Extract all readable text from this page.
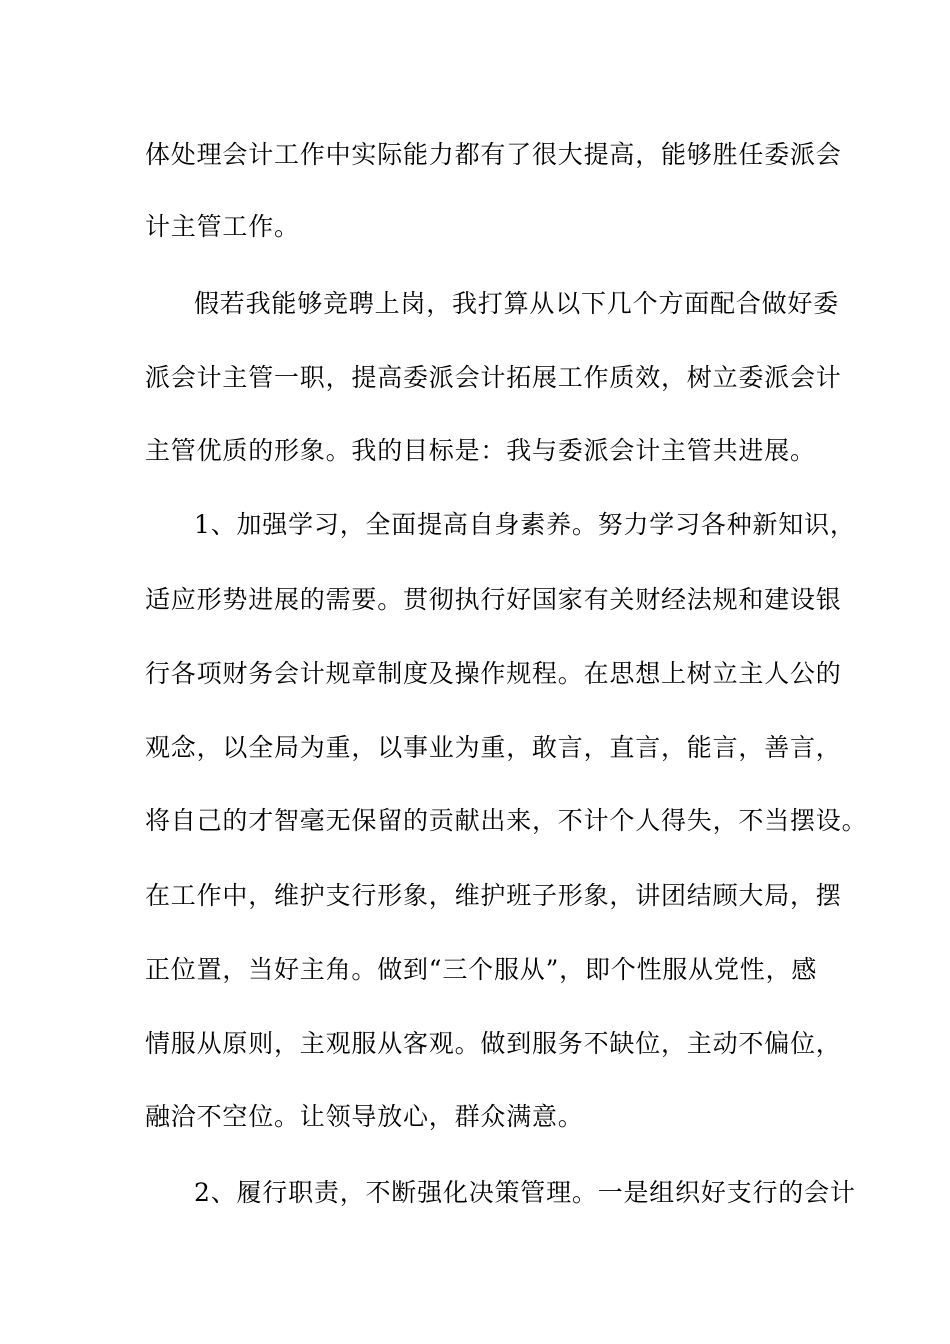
体处理会计工作中实际能力都有了很大提高，能够胜任委派会
计主管工作。
假若我能够竞聘上岗，我打算从以下几个方面配合做好委
派会计主管一职，提高委派会计拓展工作质效，树立委派会计
主管优质的形象。我的目标是：我与委派会计主管共进展。
1、加强学习，全面提高自身素养。努力学习各种新知识，
适应形势进展的需要。贯彻执行好国家有关财经法规和建设银
行各项财务会计规章制度及操作规程。在思想上树立主人公的
观念，以全局为重，以事业为重，敢言，直言，能言，善言，
将自己的才智毫无保留的贡献出来，不计个人得失，不当摆设。
在工作中，维护支行形象，维护班子形象，讲团结顾大局，摆
正位置，当好主角。做到“三个服从”，即个性服从党性，感
情服从原则，主观服从客观。做到服务不缺位，主动不偏位，
融洽不空位。让领导放心，群众满意。
2、履行职责，不断强化决策管理。一是组织好支行的会计
